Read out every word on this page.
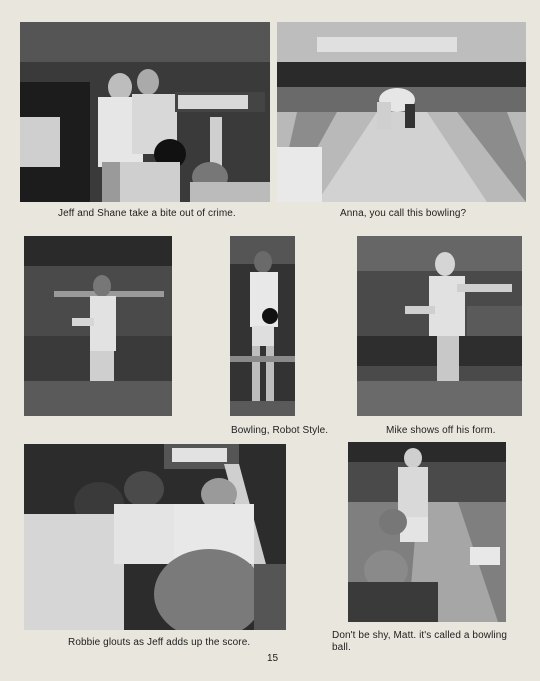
Jeff and Shane take a bite out of crime.	Anna, you call this bowling?
Bowling, Robot Style.	Mike shows off his form.
Robbie glouts as Jeff adds up the score.
Don't be shy, Matt. it's called a bowling ball.
15
